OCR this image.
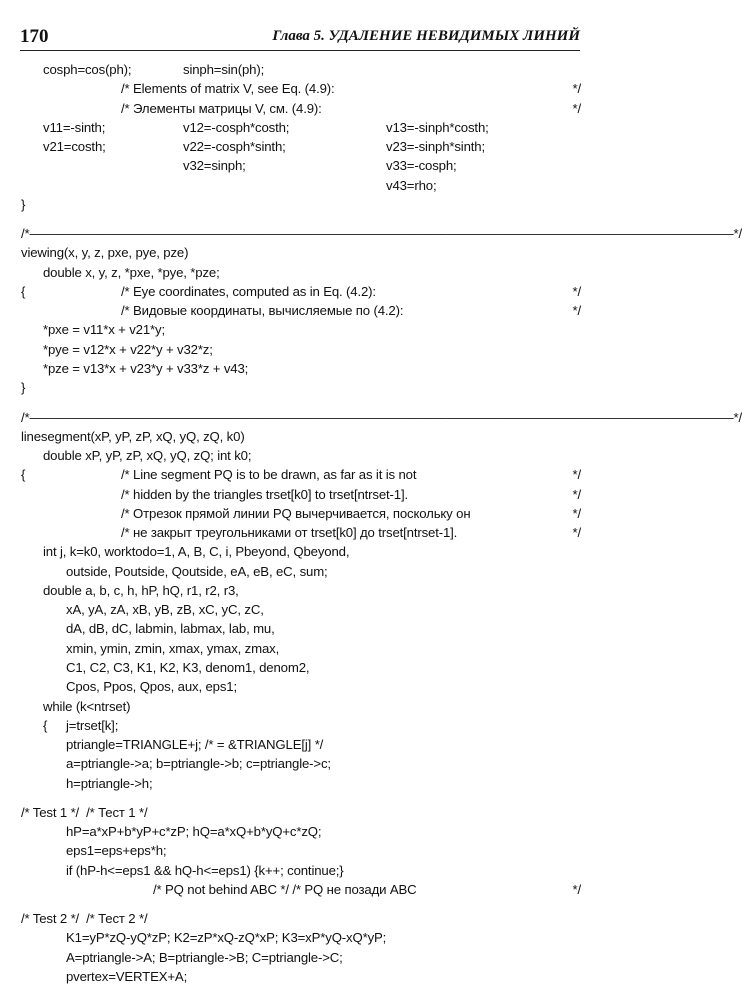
170	Глава 5. УДАЛЕНИЕ НЕВИДИМЫХ ЛИНИЙ
cosph=cos(ph);	sinph=sin(ph);
/* Elements of matrix V, see Eq. (4.9):	*/
/* Элементы матрицы V, см. (4.9):	*/
v11=-sinth;	v12=-cosph*costh;	v13=-sinph*costh;
v21=costh;	v22=-cosph*sinth;	v23=-sinph*sinth;
v32=sinph;	v33=-cosph;
v43=rho;
}
/*——————————————————————————————————————————————————————*/
viewing(x, y, z, pxe, pye, pze)
double x, y, z, *pxe, *pye, *pze;
{	/* Eye coordinates, computed as in Eq. (4.2):	*/
/* Видовые координаты, вычисляемые по (4.2):	*/
*pxe = v11*x + v21*y;
*pye = v12*x + v22*y + v32*z;
*pze = v13*x + v23*y + v33*z + v43;
}
/*——————————————————————————————————————————————————————*/
linesegment(xP, yP, zP, xQ, yQ, zQ, k0)
double xP, yP, zP, xQ, yQ, zQ; int k0;
{	/* Line segment PQ is to be drawn, as far as it is not	*/
/* hidden by the triangles trset[k0] to trset[ntrset-1].	*/
/* Отрезок прямой линии PQ вычерчивается, поскольку он	*/
/* не закрыт треугольниками от trset[k0] до trset[ntrset-1].	*/
int j, k=k0, worktodo=1, A, B, C, i, Pbeyond, Qbeyond,
outside, Poutside, Qoutside, eA, eB, eC, sum;
double a, b, c, h, hP, hQ, r1, r2, r3,
xA, yA, zA, xB, yB, zB, xC, yC, zC,
dA, dB, dC, labmin, labmax, lab, mu,
xmin, ymin, zmin, xmax, ymax, zmax,
C1, C2, C3, K1, K2, K3, denom1, denom2,
Cpos, Ppos, Qpos, aux, eps1;
while (k<ntrset)
{ j=trset[k];
ptriangle=TRIANGLE+j; /* = &TRIANGLE[j] */
a=ptriangle->a; b=ptriangle->b; c=ptriangle->c;
h=ptriangle->h;
/* Test 1 */  /* Тест 1 */
hP=a*xP+b*yP+c*zP; hQ=a*xQ+b*yQ+c*zQ;
eps1=eps+eps*h;
if (hP-h<=eps1 && hQ-h<=eps1) {k++; continue;}
/* PQ not behind ABC */ /* PQ не позади ABC	*/
/* Test 2 */  /* Тест 2 */
K1=yP*zQ-yQ*zP; K2=zP*xQ-zQ*xP; K3=xP*yQ-xQ*yP;
A=ptriangle->A; B=ptriangle->B; C=ptriangle->C;
pvertex=VERTEX+A;
